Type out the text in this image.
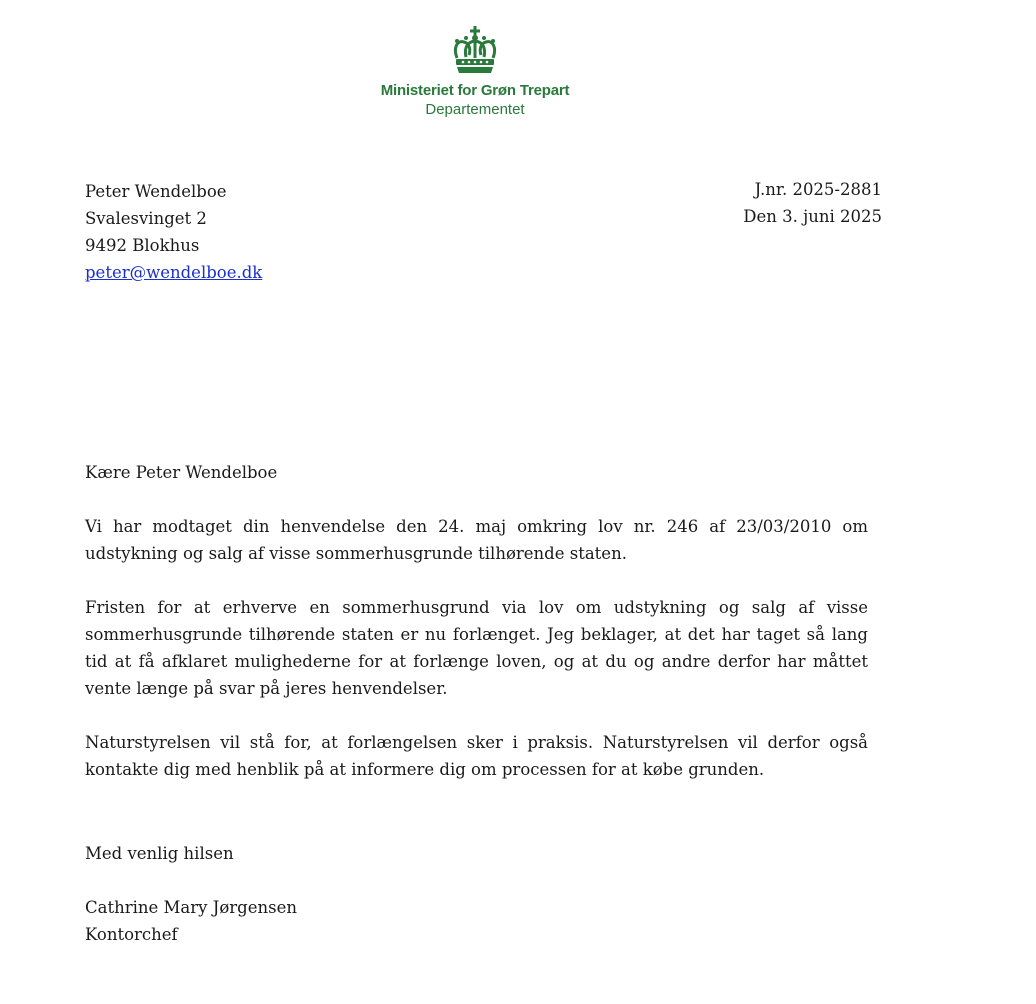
Ministeriet for Grøn Trepart
Departementet
Peter Wendelboe
Svalesvinget 2
9492 Blokhus
peter@wendelboe.dk
J.nr. 2025-2881
Den 3. juni 2025

Kære Peter Wendelboe

Vi har modtaget din henvendelse den 24. maj omkring lov nr. 246 af 23/03/2010 om udstykning og salg af visse sommerhusgrunde tilhørende staten.

Fristen for at erhverve en sommerhusgrund via lov om udstykning og salg af visse sommerhusgrunde tilhørende staten er nu forlænget. Jeg beklager, at det har taget så lang tid at få afklaret mulighederne for at forlænge loven, og at du og andre derfor har måttet vente længe på svar på jeres henvendelser.

Naturstyrelsen vil stå for, at forlængelsen sker i praksis. Naturstyrelsen vil derfor også kontakte dig med henblik på at informere dig om processen for at købe grunden.

Med venlig hilsen
Cathrine Mary Jørgensen
Kontorchef
